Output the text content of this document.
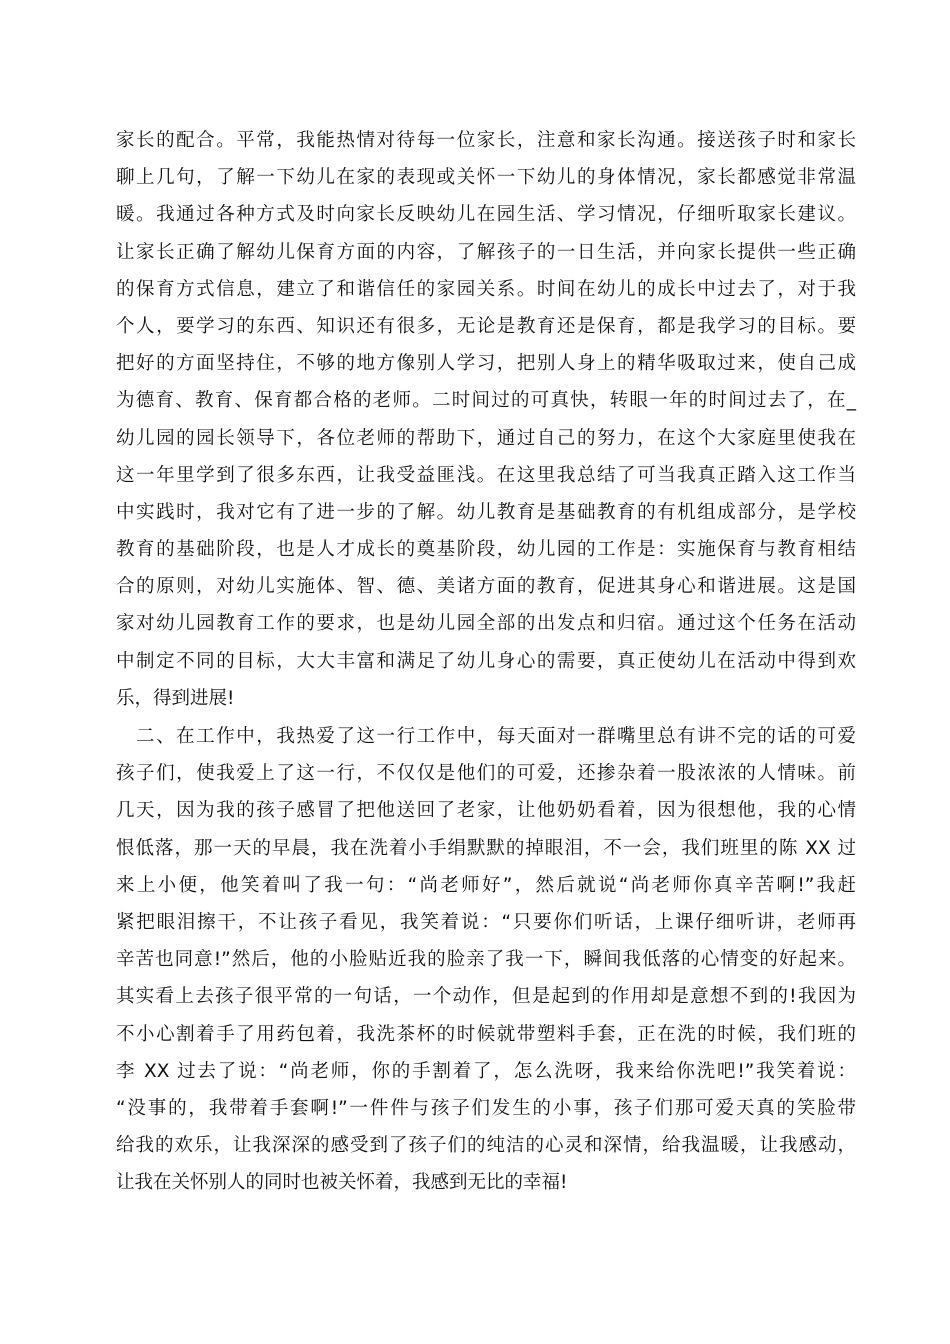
家长的配合。平常，我能热情对待每一位家长，注意和家长沟通。接送孩子时和家长
聊上几句，了解一下幼儿在家的表现或关怀一下幼儿的身体情况，家长都感觉非常温
暖。我通过各种方式及时向家长反映幼儿在园生活、学习情况，仔细听取家长建议。
让家长正确了解幼儿保育方面的内容，了解孩子的一日生活，并向家长提供一些正确
的保育方式信息，建立了和谐信任的家园关系。时间在幼儿的成长中过去了，对于我
个人，要学习的东西、知识还有很多，无论是教育还是保育，都是我学习的目标。要
把好的方面坚持住，不够的地方像别人学习，把别人身上的精华吸取过来，使自己成
为德育、教育、保育都合格的老师。二时间过的可真快，转眼一年的时间过去了，在_
幼儿园的园长领导下，各位老师的帮助下，通过自己的努力，在这个大家庭里使我在
这一年里学到了很多东西，让我受益匪浅。在这里我总结了可当我真正踏入这工作当
中实践时，我对它有了进一步的了解。幼儿教育是基础教育的有机组成部分，是学校
教育的基础阶段，也是人才成长的奠基阶段，幼儿园的工作是：实施保育与教育相结
合的原则，对幼儿实施体、智、德、美诸方面的教育，促进其身心和谐进展。这是国
家对幼儿园教育工作的要求，也是幼儿园全部的出发点和归宿。通过这个任务在活动
中制定不同的目标，大大丰富和满足了幼儿身心的需要，真正使幼儿在活动中得到欢
乐，得到进展!
　二、在工作中，我热爱了这一行工作中，每天面对一群嘴里总有讲不完的话的可爱
孩子们，使我爱上了这一行，不仅仅是他们的可爱，还掺杂着一股浓浓的人情味。前
几天，因为我的孩子感冒了把他送回了老家，让他奶奶看着，因为很想他，我的心情
恨低落，那一天的早晨，我在洗着小手绢默默的掉眼泪，不一会，我们班里的陈 XX 过
来上小便，他笑着叫了我一句：“尚老师好”，然后就说“尚老师你真辛苦啊!”我赶
紧把眼泪擦干，不让孩子看见，我笑着说：“只要你们听话，上课仔细听讲，老师再
辛苦也同意!”然后，他的小脸贴近我的脸亲了我一下，瞬间我低落的心情变的好起来。
其实看上去孩子很平常的一句话，一个动作，但是起到的作用却是意想不到的!我因为
不小心割着手了用药包着，我洗茶杯的时候就带塑料手套，正在洗的时候，我们班的
李 XX 过去了说：“尚老师，你的手割着了，怎么洗呀，我来给你洗吧!”我笑着说：
“没事的，我带着手套啊!”一件件与孩子们发生的小事，孩子们那可爱天真的笑脸带
给我的欢乐，让我深深的感受到了孩子们的纯洁的心灵和深情，给我温暖，让我感动，
让我在关怀别人的同时也被关怀着，我感到无比的幸福!
